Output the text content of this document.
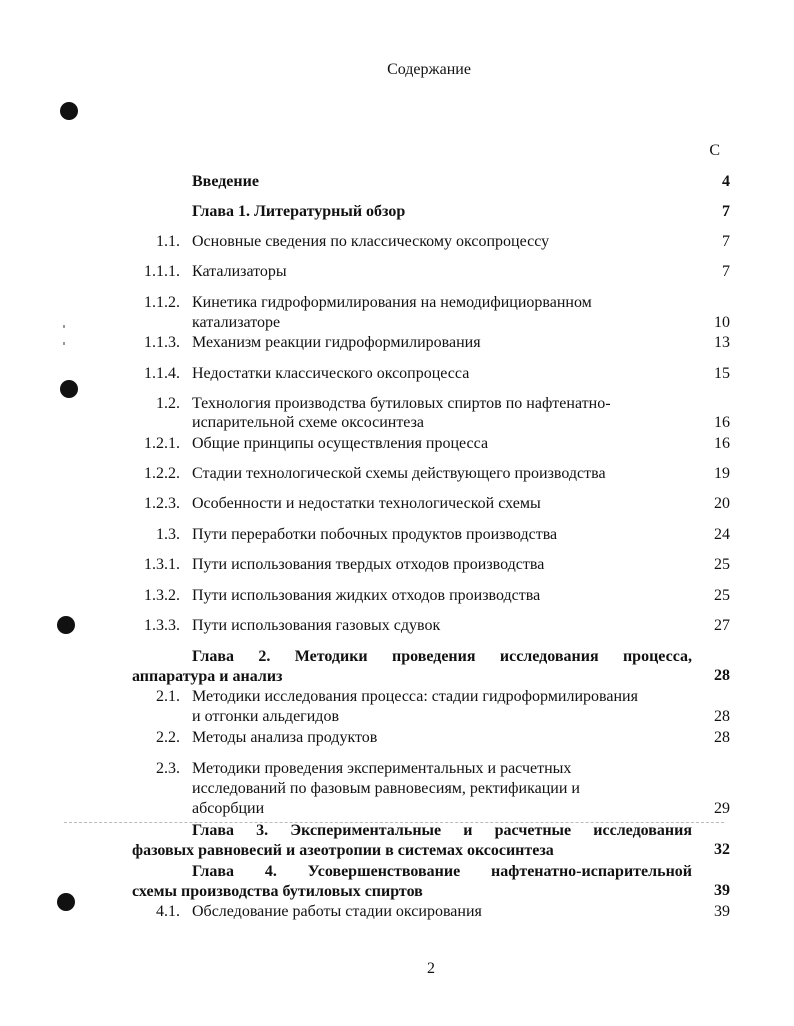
Содержание
С
Введение	4
Глава 1. Литературный обзор	7
1.1. Основные сведения по классическому оксопроцессу	7
1.1.1. Катализаторы	7
1.1.2. Кинетика гидроформилирования на немодифициорванном
катализаторе	10
1.1.3. Механизм реакции гидроформилирования	13
1.1.4. Недостатки классического оксопроцесса	15
1.2. Технология производства бутиловых спиртов по нафтенатно-
испарительной схеме оксосинтеза	16
1.2.1. Общие принципы осуществления процесса	16
1.2.2. Стадии технологической схемы действующего производства	19
1.2.3. Особенности и недостатки технологической схемы	20
1.3. Пути переработки побочных продуктов производства	24
1.3.1. Пути использования твердых отходов производства	25
1.3.2. Пути использования жидких отходов производства	25
1.3.3. Пути использования газовых сдувок	27
Глава 2. Методики проведения исследования процесса,
аппаратура и анализ	28
2.1. Методики исследования процесса: стадии гидроформилирования
и отгонки альдегидов	28
2.2. Методы анализа продуктов	28
2.3. Методики проведения экспериментальных и расчетных
исследований по фазовым равновесиям, ректификации и
абсорбции	29
Глава 3. Экспериментальные и расчетные исследования
фазовых равновесий и азеотропии в системах оксосинтеза	32
Глава 4. Усовершенствование нафтенатно-испарительной
схемы производства бутиловых спиртов	39
4.1. Обследование работы стадии оксирования	39
2
